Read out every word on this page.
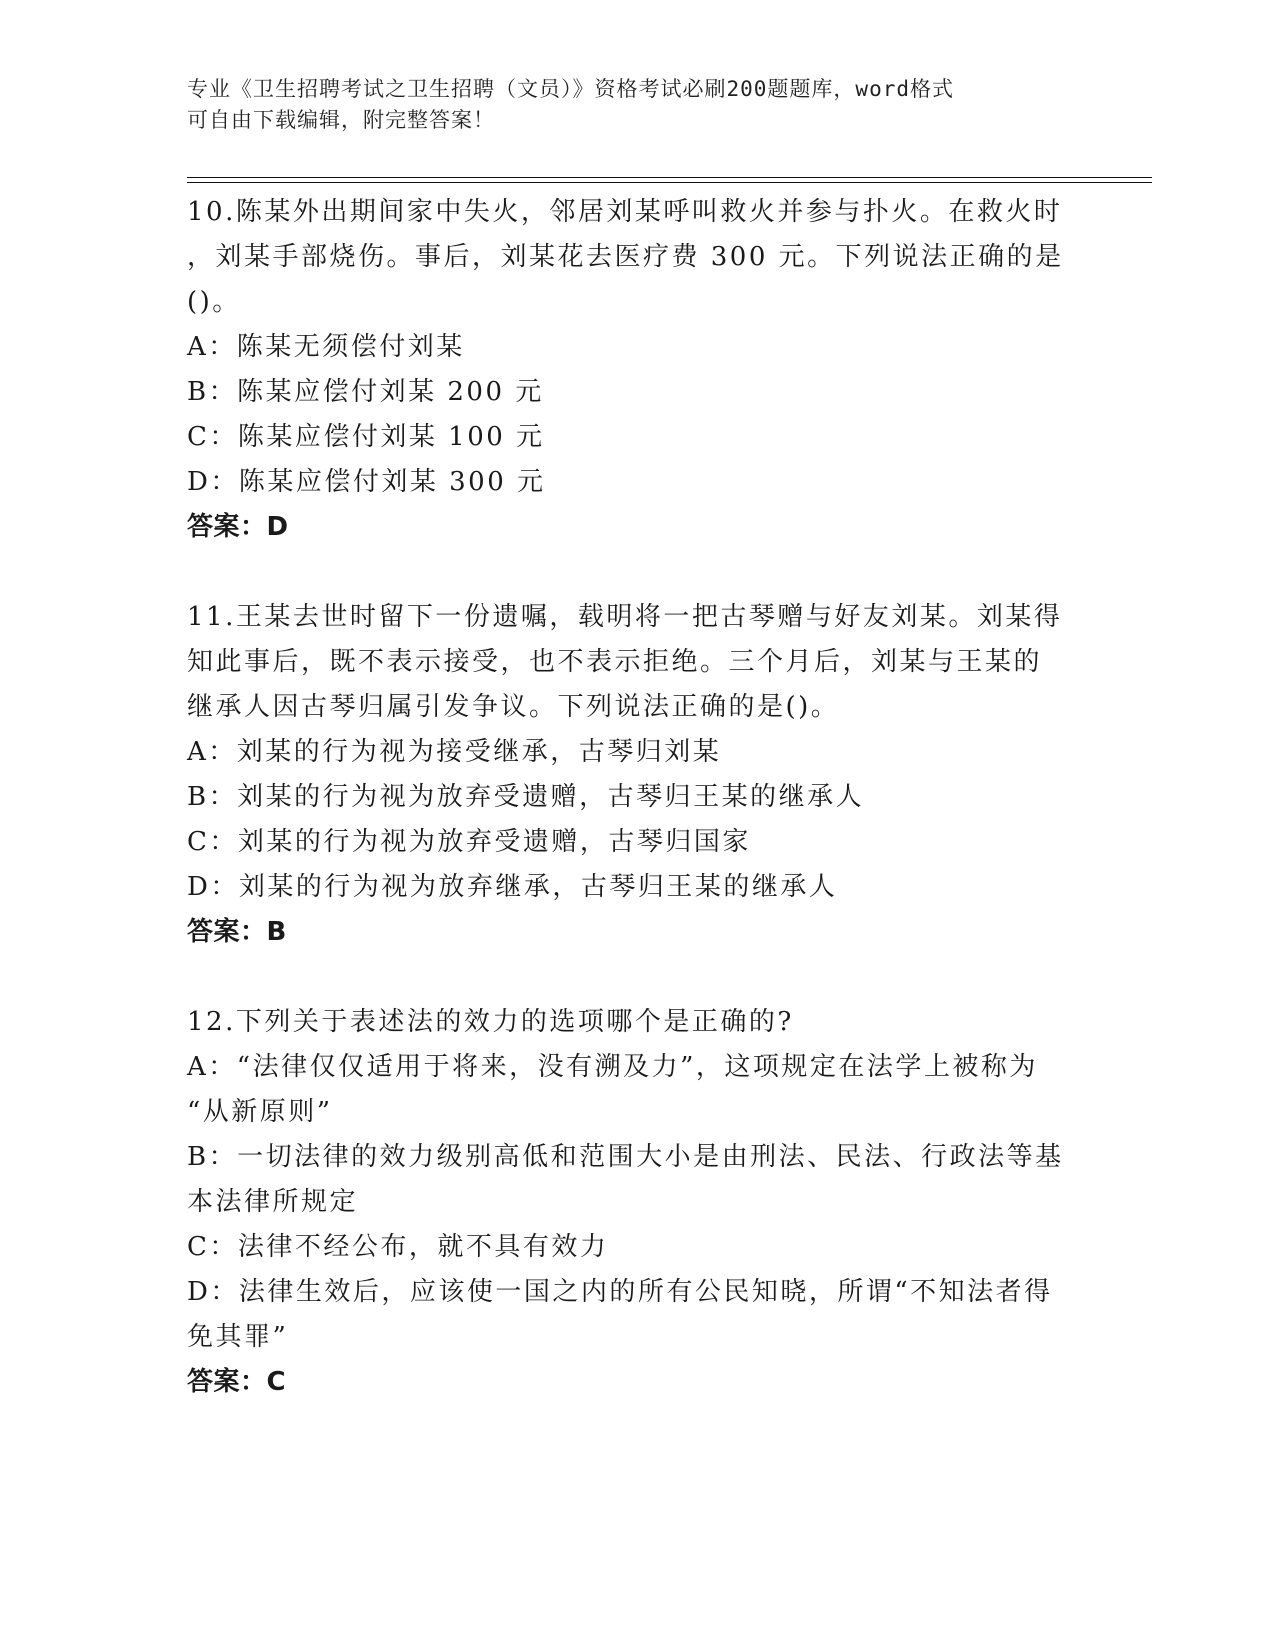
专业《卫生招聘考试之卫生招聘（文员）》资格考试必刷200题题库，word格式
可自由下载编辑，附完整答案！
10.陈某外出期间家中失火，邻居刘某呼叫救火并参与扑火。在救火时
，刘某手部烧伤。事后，刘某花去医疗费 300 元。下列说法正确的是
()。
A：陈某无须偿付刘某
B：陈某应偿付刘某 200 元
C：陈某应偿付刘某 100 元
D：陈某应偿付刘某 300 元
答案：D
11.王某去世时留下一份遗嘱，载明将一把古琴赠与好友刘某。刘某得
知此事后，既不表示接受，也不表示拒绝。三个月后，刘某与王某的
继承人因古琴归属引发争议。下列说法正确的是()。
A：刘某的行为视为接受继承，古琴归刘某
B：刘某的行为视为放弃受遗赠，古琴归王某的继承人
C：刘某的行为视为放弃受遗赠，古琴归国家
D：刘某的行为视为放弃继承，古琴归王某的继承人
答案：B
12.下列关于表述法的效力的选项哪个是正确的?
A：“法律仅仅适用于将来，没有溯及力”，这项规定在法学上被称为
“从新原则”
B：一切法律的效力级别高低和范围大小是由刑法、民法、行政法等基
本法律所规定
C：法律不经公布，就不具有效力
D：法律生效后，应该使一国之内的所有公民知晓，所谓“不知法者得
免其罪”
答案：C
